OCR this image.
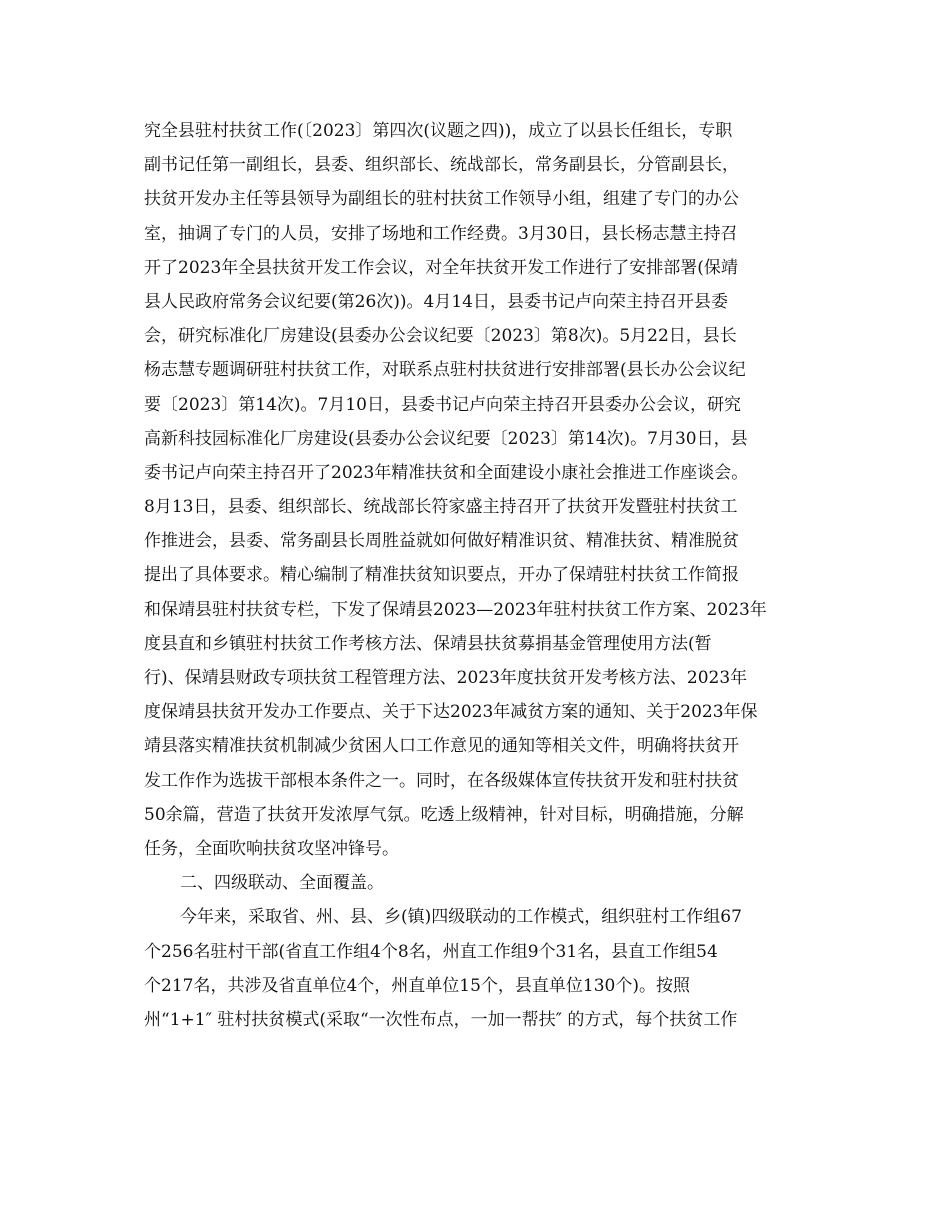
究全县驻村扶贫工作(〔2023〕第四次(议题之四))，成立了以县长任组长，专职
副书记任第一副组长，县委、组织部长、统战部长，常务副县长，分管副县长，
扶贫开发办主任等县领导为副组长的驻村扶贫工作领导小组，组建了专门的办公
室，抽调了专门的人员，安排了场地和工作经费。3月30日，县长杨志慧主持召
开了2023年全县扶贫开发工作会议，对全年扶贫开发工作进行了安排部署(保靖
县人民政府常务会议纪要(第26次))。4月14日，县委书记卢向荣主持召开县委
会，研究标准化厂房建设(县委办公会议纪要〔2023〕第8次)。5月22日，县长
杨志慧专题调研驻村扶贫工作，对联系点驻村扶贫进行安排部署(县长办公会议纪
要〔2023〕第14次)。7月10日，县委书记卢向荣主持召开县委办公会议，研究
高新科技园标准化厂房建设(县委办公会议纪要〔2023〕第14次)。7月30日，县
委书记卢向荣主持召开了2023年精准扶贫和全面建设小康社会推进工作座谈会。
8月13日，县委、组织部长、统战部长符家盛主持召开了扶贫开发暨驻村扶贫工
作推进会，县委、常务副县长周胜益就如何做好精准识贫、精准扶贫、精准脱贫
提出了具体要求。精心编制了精准扶贫知识要点，开办了保靖驻村扶贫工作简报
和保靖县驻村扶贫专栏，下发了保靖县2023—2023年驻村扶贫工作方案、2023年
度县直和乡镇驻村扶贫工作考核方法、保靖县扶贫募捐基金管理使用方法(暂
行)、保靖县财政专项扶贫工程管理方法、2023年度扶贫开发考核方法、2023年
度保靖县扶贫开发办工作要点、关于下达2023年减贫方案的通知、关于2023年保
靖县落实精准扶贫机制减少贫困人口工作意见的通知等相关文件，明确将扶贫开
发工作作为选拔干部根本条件之一。同时，在各级媒体宣传扶贫开发和驻村扶贫
50余篇，营造了扶贫开发浓厚气氛。吃透上级精神，针对目标，明确措施，分解
任务，全面吹响扶贫攻坚冲锋号。
二、四级联动、全面覆盖。
今年来，采取省、州、县、乡(镇)四级联动的工作模式，组织驻村工作组67
个256名驻村干部(省直工作组4个8名，州直工作组9个31名，县直工作组54
个217名，共涉及省直单位4个，州直单位15个，县直单位130个)。按照
州“1+1″ 驻村扶贫模式(采取“一次性布点，一加一帮扶″ 的方式，每个扶贫工作
